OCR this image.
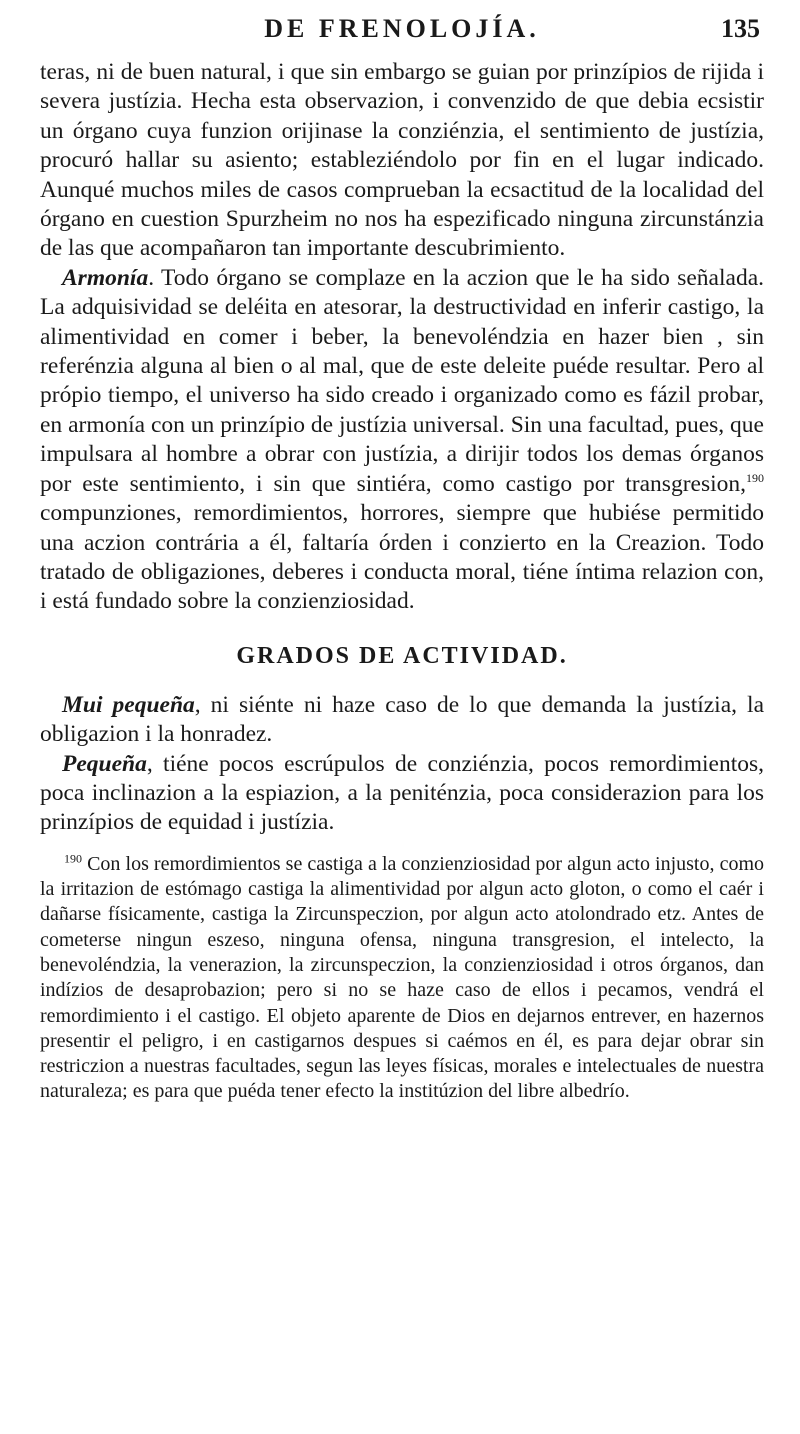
DE FRENOLOJÍA.	135

teras, ni de buen natural, i que sin embargo se guian por prinzípios de rijida i severa justízia. Hecha esta observazion, i convenzido de que debia ecsistir un órgano cuya funzion orijinase la conziénzia, el sentimiento de justízia, procuró hallar su asiento; estableziéndolo por fin en el lugar indicado. Aunqué muchos miles de casos comprueban la ecsactitud de la localidad del órgano en cuestion Spurzheim no nos ha espezificado ninguna zircunstánzia de las que acompañaron tan importante descubrimiento.

Armonía. Todo órgano se complaze en la aczion que le ha sido señalada. La adquisividad se deléita en atesorar, la destructividad en inferir castigo, la alimentividad en comer i beber, la benevoléndzia en hazer bien , sin referénzia alguna al bien o al mal, que de este deleite puéde resultar. Pero al própio tiempo, el universo ha sido creado i organizado como es fázil probar, en armonía con un prinzípio de justízia universal. Sin una facultad, pues, que impulsara al hombre a obrar con justízia, a dirijir todos los demas órganos por este sentimiento, i sin que sintiéra, como castigo por transgresion,$^{190}$ compunziones, remordimientos, horrores, siempre que hubiése permitido una aczion contrária a él, faltaría órden i conzierto en la Creazion. Todo tratado de obligaziones, deberes i conducta moral, tiéne íntima relazion con, i está fundado sobre la conzienziosidad.

GRADOS DE ACTIVIDAD.

Mui pequeña, ni siénte ni haze caso de lo que demanda la justízia, la obligazion i la honradez.

Pequeña, tiéne pocos escrúpulos de conziénzia, pocos remordimientos, poca inclinazion a la espiazion, a la peniténzia, poca considerazion para los prinzípios de equidad i justízia.

$^{190}$ Con los remordimientos se castiga a la conzienziosidad por algun acto injusto, como la irritazion de estómago castiga la alimentividad por algun acto gloton, o como el caér i dañarse físicamente, castiga la Zircunspeczion, por algun acto atolondrado etz. Antes de cometerse ningun eszeso, ninguna ofensa, ninguna transgresion, el intelecto, la benevoléndzia, la venerazion, la zircunspeczion, la conzienziosidad i otros órganos, dan indízios de desaprobazion; pero si no se haze caso de ellos i pecamos, vendrá el remordimiento i el castigo. El objeto aparente de Dios en dejarnos entrever, en hazernos presentir el peligro, i en castigarnos despues si caémos en él, es para dejar obrar sin restriczion a nuestras facultades, segun las leyes físicas, morales e intelectuales de nuestra naturaleza; es para que puéda tener efecto la institúzion del libre albedrío.
